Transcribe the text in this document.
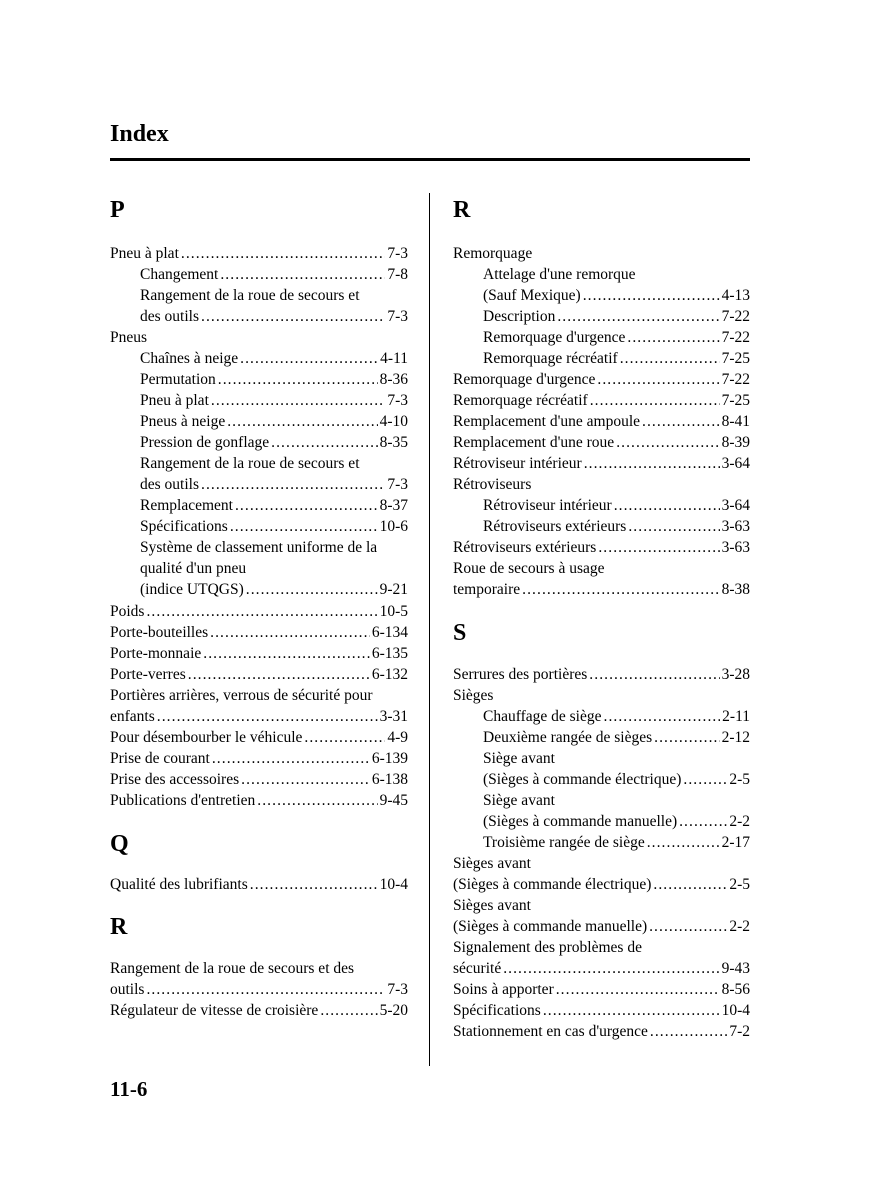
Index
P
Pneu à plat . . .	7-3
Changement . . .	7-8
Rangement de la roue de secours et
des outils . . .	7-3
Pneus
Chaînes à neige . . .	4-11
Permutation . . .	8-36
Pneu à plat . . .	7-3
Pneus à neige . . .	4-10
Pression de gonflage . . .	8-35
Rangement de la roue de secours et
des outils . . .	7-3
Remplacement . . .	8-37
Spécifications . . .	10-6
Système de classement uniforme de la
qualité d'un pneu
(indice UTQGS) . . .	9-21
Poids . . .	10-5
Porte-bouteilles . . .	6-134
Porte-monnaie . . .	6-135
Porte-verres . . .	6-132
Portières arrières, verrous de sécurité pour
enfants . . .	3-31
Pour désembourber le véhicule . . .	4-9
Prise de courant . . .	6-139
Prise des accessoires . . .	6-138
Publications d'entretien . . .	9-45
Q
Qualité des lubrifiants . . .	10-4
R
Rangement de la roue de secours et des
outils . . .	7-3
Régulateur de vitesse de croisière . . .	5-20
R
Remorquage
Attelage d'une remorque
(Sauf Mexique) . . .	4-13
Description . . .	7-22
Remorquage d'urgence . . .	7-22
Remorquage récréatif . . .	7-25
Remorquage d'urgence . . .	7-22
Remorquage récréatif . . .	7-25
Remplacement d'une ampoule . . .	8-41
Remplacement d'une roue . . .	8-39
Rétroviseur intérieur . . .	3-64
Rétroviseurs
Rétroviseur intérieur . . .	3-64
Rétroviseurs extérieurs . . .	3-63
Rétroviseurs extérieurs . . .	3-63
Roue de secours à usage
temporaire . . .	8-38
S
Serrures des portières . . .	3-28
Sièges
Chauffage de siège . . .	2-11
Deuxième rangée de sièges . . .	2-12
Siège avant
(Sièges à commande électrique) . . .	2-5
Siège avant
(Sièges à commande manuelle) . . .	2-2
Troisième rangée de siège . . .	2-17
Sièges avant
(Sièges à commande électrique) . . .	2-5
Sièges avant
(Sièges à commande manuelle) . . .	2-2
Signalement des problèmes de
sécurité . . .	9-43
Soins à apporter . . .	8-56
Spécifications . . .	10-4
Stationnement en cas d'urgence . . .	7-2
11-6
